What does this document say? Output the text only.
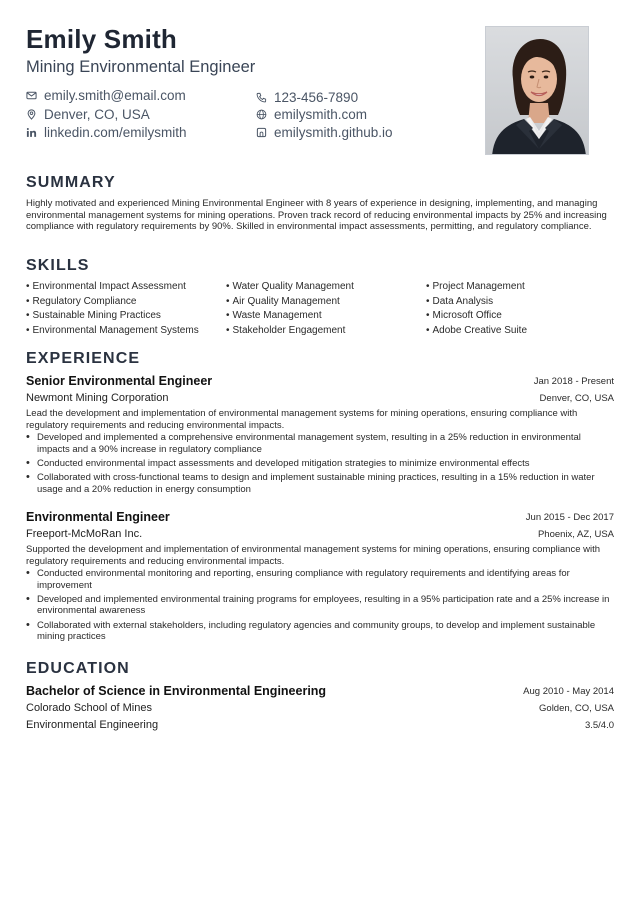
Emily Smith
Mining Environmental Engineer
emily.smith@email.com	123-456-7890
Denver, CO, USA	emilysmith.com
linkedin.com/emilysmith	emilysmith.github.io
SUMMARY
Highly motivated and experienced Mining Environmental Engineer with 8 years of experience in designing, implementing, and managing environmental management systems for mining operations. Proven track record of reducing environmental impacts by 25% and increasing compliance with regulatory requirements by 90%. Skilled in environmental impact assessments, permitting, and regulatory compliance.
SKILLS
• Environmental Impact Assessment	• Water Quality Management	• Project Management
• Regulatory Compliance	• Air Quality Management	• Data Analysis
• Sustainable Mining Practices	• Waste Management	• Microsoft Office
• Environmental Management Systems	• Stakeholder Engagement	• Adobe Creative Suite
EXPERIENCE
Senior Environmental Engineer	Jan 2018 - Present
Newmont Mining Corporation	Denver, CO, USA
Lead the development and implementation of environmental management systems for mining operations, ensuring compliance with regulatory requirements and reducing environmental impacts.
• Developed and implemented a comprehensive environmental management system, resulting in a 25% reduction in environmental impacts and a 90% increase in regulatory compliance
• Conducted environmental impact assessments and developed mitigation strategies to minimize environmental effects
• Collaborated with cross-functional teams to design and implement sustainable mining practices, resulting in a 15% reduction in water usage and a 20% reduction in energy consumption
Environmental Engineer	Jun 2015 - Dec 2017
Freeport-McMoRan Inc.	Phoenix, AZ, USA
Supported the development and implementation of environmental management systems for mining operations, ensuring compliance with regulatory requirements and reducing environmental impacts.
• Conducted environmental monitoring and reporting, ensuring compliance with regulatory requirements and identifying areas for improvement
• Developed and implemented environmental training programs for employees, resulting in a 95% participation rate and a 25% increase in environmental awareness
• Collaborated with external stakeholders, including regulatory agencies and community groups, to develop and implement sustainable mining practices
EDUCATION
Bachelor of Science in Environmental Engineering	Aug 2010 - May 2014
Colorado School of Mines	Golden, CO, USA
Environmental Engineering	3.5/4.0
